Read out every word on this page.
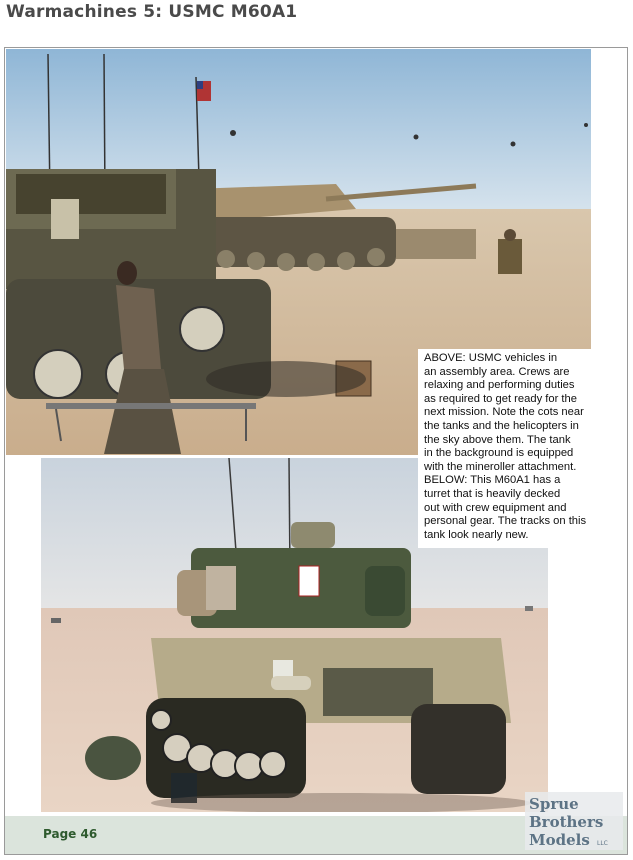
Warmachines 5: USMC M60A1
ABOVE: USMC vehicles in
an assembly area. Crews are
relaxing and performing duties
as required to get ready for the
next mission. Note the cots near
the tanks and the helicopters in
the sky above them. The tank
in the background is equipped
with the mineroller attachment.
BELOW: This M60A1 has a
turret that is heavily decked
out with crew equipment and
personal gear. The tracks on this
tank look nearly new.
Page 46
Sprue
Brothers
Models LLC
